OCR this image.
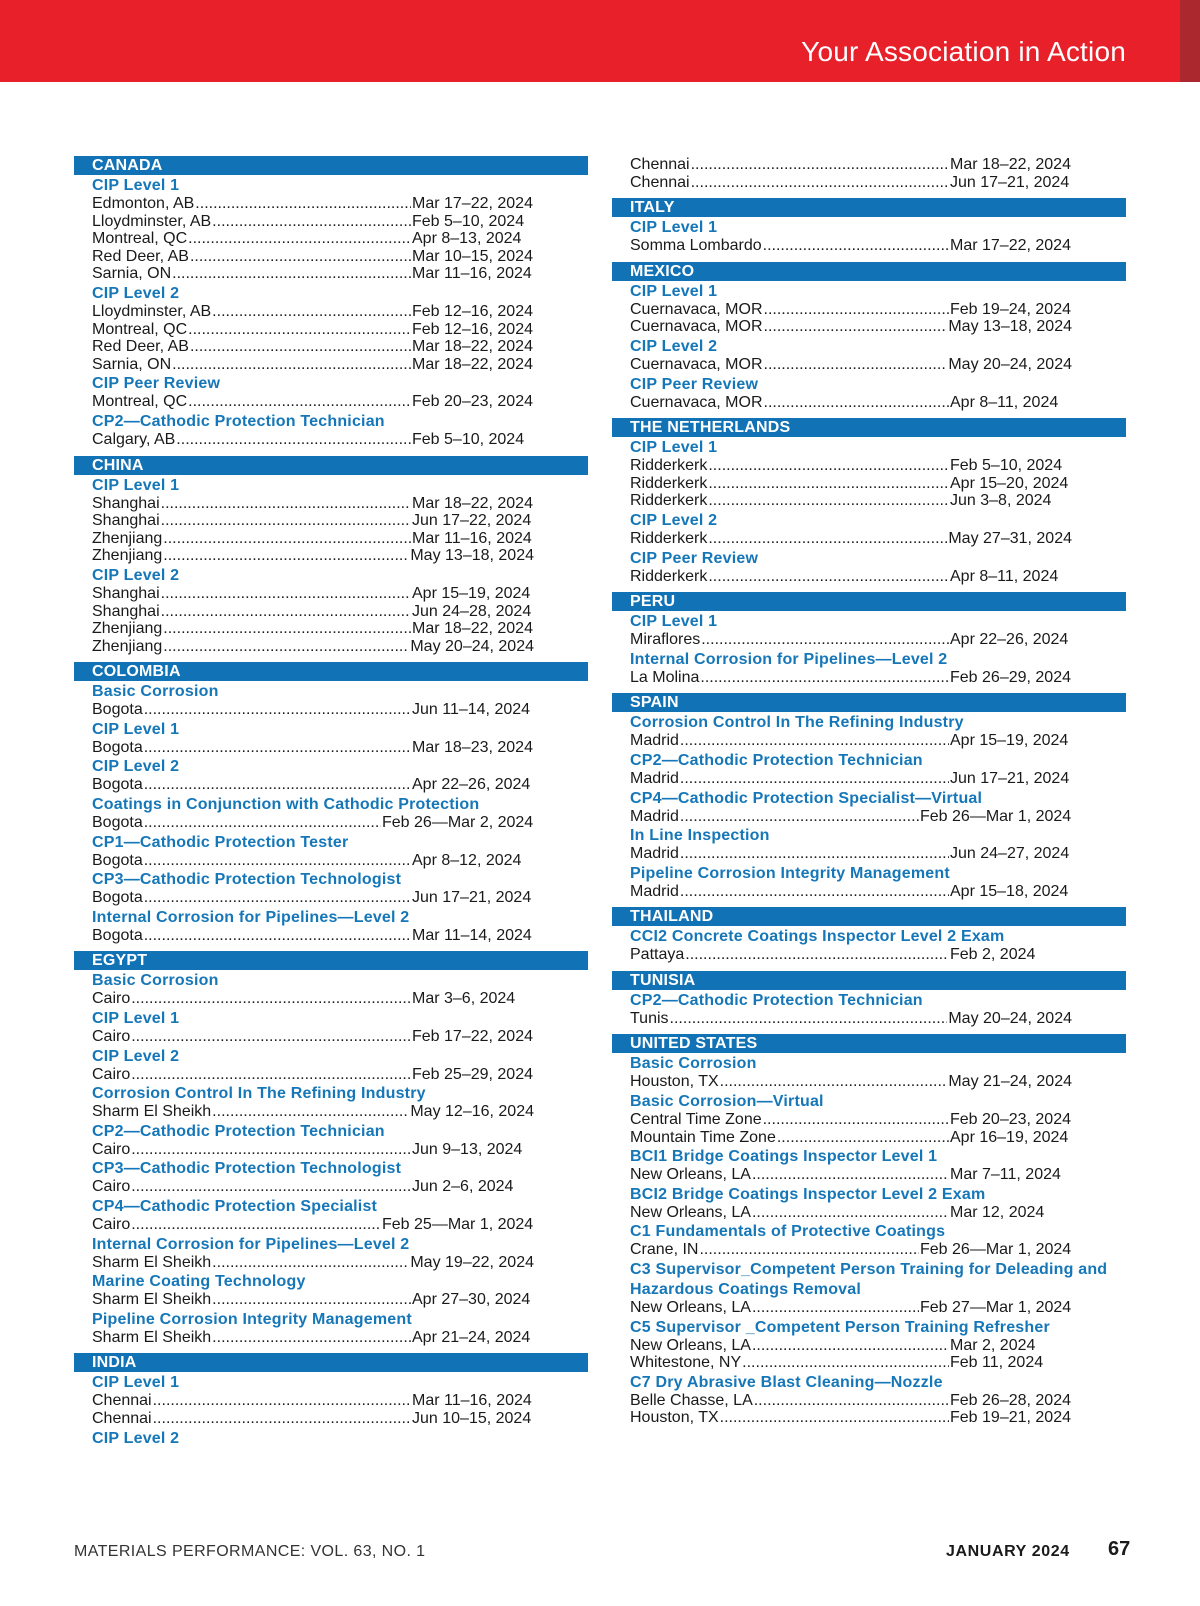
Your Association in Action
CANADA
CIP Level 1
Edmonton, AB .....	Mar 17–22, 2024
Lloydminster, AB .....	Feb 5–10, 2024
Montreal, QC .....	Apr 8–13, 2024
Red Deer, AB .....	Mar 10–15, 2024
Sarnia, ON .....	Mar 11–16, 2024
CIP Level 2
Lloydminster, AB .....	Feb 12–16, 2024
Montreal, QC .....	Feb 12–16, 2024
Red Deer, AB .....	Mar 18–22, 2024
Sarnia, ON .....	Mar 18–22, 2024
CIP Peer Review
Montreal, QC .....	Feb 20–23, 2024
CP2—Cathodic Protection Technician
Calgary, AB .....	Feb 5–10, 2024
CHINA
CIP Level 1
Shanghai .....	Mar 18–22, 2024
Shanghai .....	Jun 17–22, 2024
Zhenjiang .....	Mar 11–16, 2024
Zhenjiang .....	May 13–18, 2024
CIP Level 2
Shanghai .....	Apr 15–19, 2024
Shanghai .....	Jun 24–28, 2024
Zhenjiang .....	Mar 18–22, 2024
Zhenjiang .....	May 20–24, 2024
COLOMBIA
Basic Corrosion
Bogota .....	Jun 11–14, 2024
CIP Level 1
Bogota .....	Mar 18–23, 2024
CIP Level 2
Bogota .....	Apr 22–26, 2024
Coatings in Conjunction with Cathodic Protection
Bogota .....	Feb 26—Mar 2, 2024
CP1—Cathodic Protection Tester
Bogota .....	Apr 8–12, 2024
CP3—Cathodic Protection Technologist
Bogota .....	Jun 17–21, 2024
Internal Corrosion for Pipelines—Level 2
Bogota .....	Mar 11–14, 2024
EGYPT
Basic Corrosion
Cairo .....	Mar 3–6, 2024
CIP Level 1
Cairo .....	Feb 17–22, 2024
CIP Level 2
Cairo .....	Feb 25–29, 2024
Corrosion Control In The Refining Industry
Sharm El Sheikh .....	May 12–16, 2024
CP2—Cathodic Protection Technician
Cairo .....	Jun 9–13, 2024
CP3—Cathodic Protection Technologist
Cairo .....	Jun 2–6, 2024
CP4—Cathodic Protection Specialist
Cairo .....	Feb 25—Mar 1, 2024
Internal Corrosion for Pipelines—Level 2
Sharm El Sheikh .....	May 19–22, 2024
Marine Coating Technology
Sharm El Sheikh .....	Apr 27–30, 2024
Pipeline Corrosion Integrity Management
Sharm El Sheikh .....	Apr 21–24, 2024
INDIA
CIP Level 1
Chennai .....	Mar 11–16, 2024
Chennai .....	Jun 10–15, 2024
CIP Level 2
Chennai .....	Mar 18–22, 2024
Chennai .....	Jun 17–21, 2024
ITALY
CIP Level 1
Somma Lombardo .....	Mar 17–22, 2024
MEXICO
CIP Level 1
Cuernavaca, MOR .....	Feb 19–24, 2024
Cuernavaca, MOR .....	May 13–18, 2024
CIP Level 2
Cuernavaca, MOR .....	May 20–24, 2024
CIP Peer Review
Cuernavaca, MOR .....	Apr 8–11, 2024
THE NETHERLANDS
CIP Level 1
Ridderkerk .....	Feb 5–10, 2024
Ridderkerk .....	Apr 15–20, 2024
Ridderkerk .....	Jun 3–8, 2024
CIP Level 2
Ridderkerk .....	May 27–31, 2024
CIP Peer Review
Ridderkerk .....	Apr 8–11, 2024
PERU
CIP Level 1
Miraflores .....	Apr 22–26, 2024
Internal Corrosion for Pipelines—Level 2
La Molina .....	Feb 26–29, 2024
SPAIN
Corrosion Control In The Refining Industry
Madrid .....	Apr 15–19, 2024
CP2—Cathodic Protection Technician
Madrid .....	Jun 17–21, 2024
CP4—Cathodic Protection Specialist—Virtual
Madrid .....	Feb 26—Mar 1, 2024
In Line Inspection
Madrid .....	Jun 24–27, 2024
Pipeline Corrosion Integrity Management
Madrid .....	Apr 15–18, 2024
THAILAND
CCI2 Concrete Coatings Inspector Level 2 Exam
Pattaya .....	Feb 2, 2024
TUNISIA
CP2—Cathodic Protection Technician
Tunis .....	May 20–24, 2024
UNITED STATES
Basic Corrosion
Houston, TX .....	May 21–24, 2024
Basic Corrosion—Virtual
Central Time Zone .....	Feb 20–23, 2024
Mountain Time Zone .....	Apr 16–19, 2024
BCI1 Bridge Coatings Inspector Level 1
New Orleans, LA .....	Mar 7–11, 2024
BCI2 Bridge Coatings Inspector Level 2 Exam
New Orleans, LA .....	Mar 12, 2024
C1 Fundamentals of Protective Coatings
Crane, IN .....	Feb 26—Mar 1, 2024
C3 Supervisor_Competent Person Training for Deleading and
Hazardous Coatings Removal
New Orleans, LA .....	Feb 27—Mar 1, 2024
C5 Supervisor _Competent Person Training Refresher
New Orleans, LA .....	Mar 2, 2024
Whitestone, NY .....	Feb 11, 2024
C7 Dry Abrasive Blast Cleaning—Nozzle
Belle Chasse, LA .....	Feb 26–28, 2024
Houston, TX .....	Feb 19–21, 2024
MATERIALS PERFORMANCE: VOL. 63, NO. 1	JANUARY 2024 67
